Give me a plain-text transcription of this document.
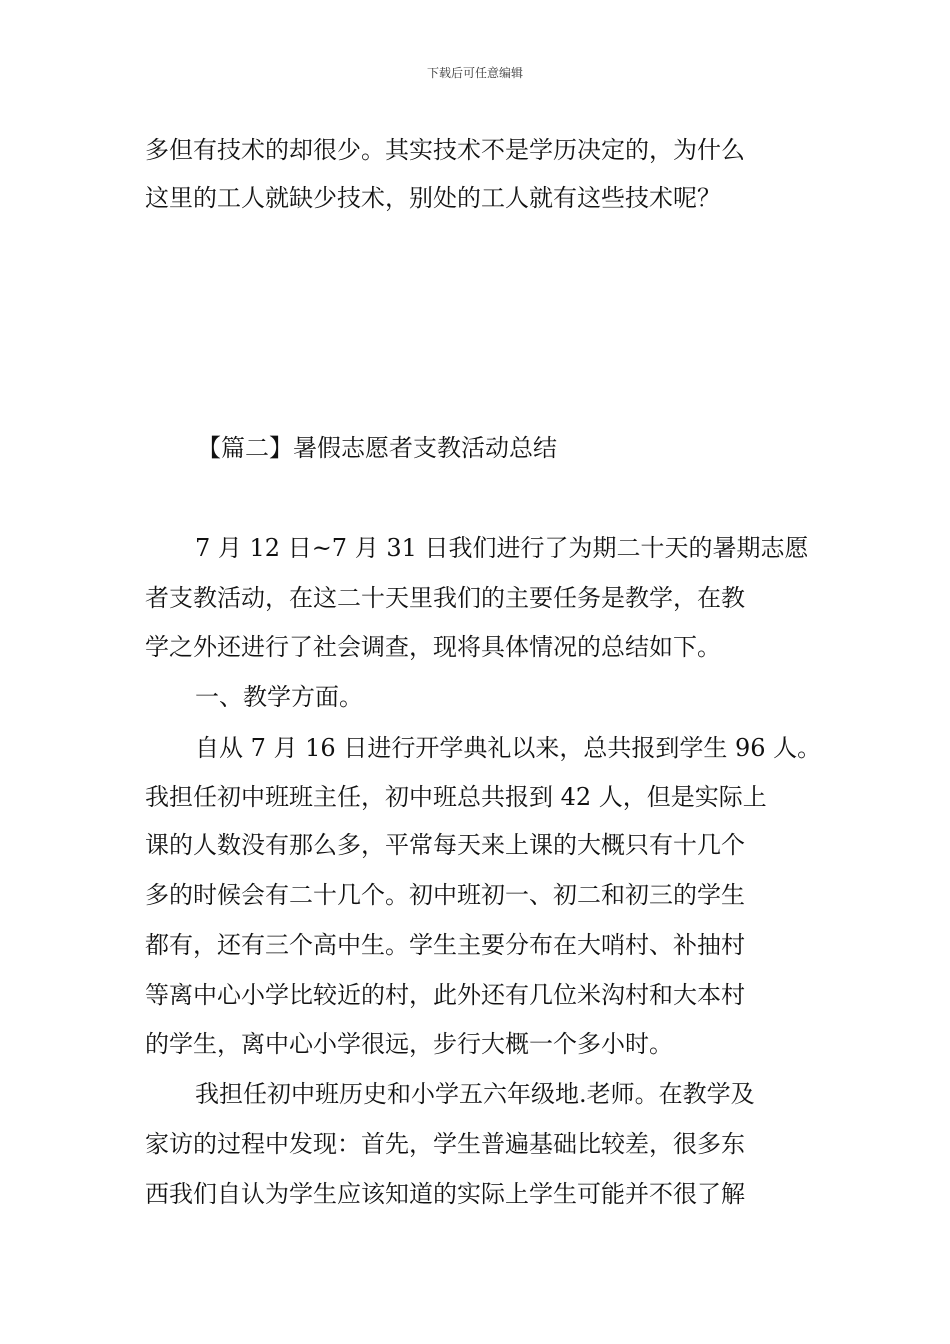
下载后可任意编辑
多但有技术的却很少。其实技术不是学历决定的，为什么
这里的工人就缺少技术，别处的工人就有这些技术呢？
【篇二】暑假志愿者支教活动总结
7 月 12 日~7 月 31 日我们进行了为期二十天的暑期志愿
者支教活动，在这二十天里我们的主要任务是教学，在教
学之外还进行了社会调查，现将具体情况的总结如下。
一、教学方面。
自从 7 月 16 日进行开学典礼以来，总共报到学生 96 人。
我担任初中班班主任，初中班总共报到 42 人，但是实际上
课的人数没有那么多，平常每天来上课的大概只有十几个
多的时候会有二十几个。初中班初一、初二和初三的学生
都有，还有三个高中生。学生主要分布在大哨村、补抽村
等离中心小学比较近的村，此外还有几位米沟村和大本村
的学生，离中心小学很远，步行大概一个多小时。
我担任初中班历史和小学五六年级地.老师。在教学及
家访的过程中发现：首先，学生普遍基础比较差，很多东
西我们自认为学生应该知道的实际上学生可能并不很了解
